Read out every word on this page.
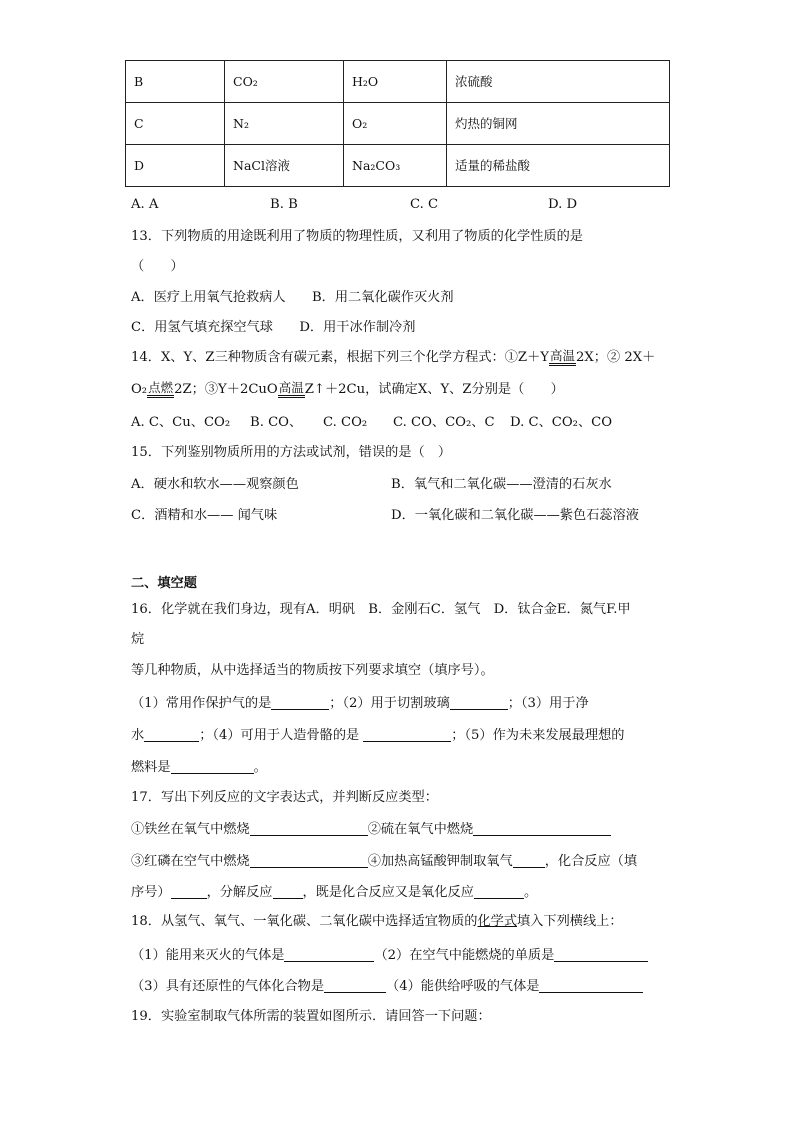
B	CO₂	H₂O	浓硫酸
C	N₂	O₂	灼热的铜网
D	NaCl溶液	Na₂CO₃	适量的稀盐酸
A. A	B. B	C. C	D. D
13．下列物质的用途既利用了物质的物理性质，又利用了物质的化学性质的是
（　　）
A．医疗上用氧气抢救病人　　B．用二氧化碳作灭火剂
C．用氢气填充探空气球　　D．用干冰作制冷剂
14．X、Y、Z三种物质含有碳元素，根据下列三个化学方程式：①Z＋Y 高温 2X；② 2X＋
O₂ 点燃 2Z；③Y＋2CuO 高温 Z↑＋2Cu，试确定X、Y、Z分别是（　　）
A. C、Cu、CO₂ B. CO、 C. CO₂ C. CO、CO₂、C D. C、CO₂、CO
15．下列鉴别物质所用的方法或试剂，错误的是（　）
A．硬水和软水——观察颜色	B．氧气和二氧化碳——澄清的石灰水
C．酒精和水—— 闻气味	D．一氧化碳和二氧化碳——紫色石蕊溶液
二、填空题
16．化学就在我们身边，现有A．明矾　B．金刚石C．氢气　D．钛合金E．氮气F.甲
烷
等几种物质，从中选择适当的物质按下列要求填空（填序号）。
（1）常用作保护气的是	；（2）用于切割玻璃	；（3）用于净
水	；（4）可用于人造骨骼的是	；（5）作为未来发展最理想的
燃料是	。
17．写出下列反应的文字表达式，并判断反应类型：
①铁丝在氧气中燃烧	②硫在氧气中燃烧
③红磷在空气中燃烧	④加热高锰酸钾制取氧气 ，化合反应（填
序号）	，分解反应 ，既是化合反应又是氧化反应	。
18．从氢气、氧气、一氧化碳、二氧化碳中选择适宜物质的化学式填入下列横线上：
（1）能用来灭火的气体是	（2）在空气中能燃烧的单质是
（3）具有还原性的气体化合物是	（4）能供给呼吸的气体是
19．实验室制取气体所需的装置如图所示．请回答一下问题：
